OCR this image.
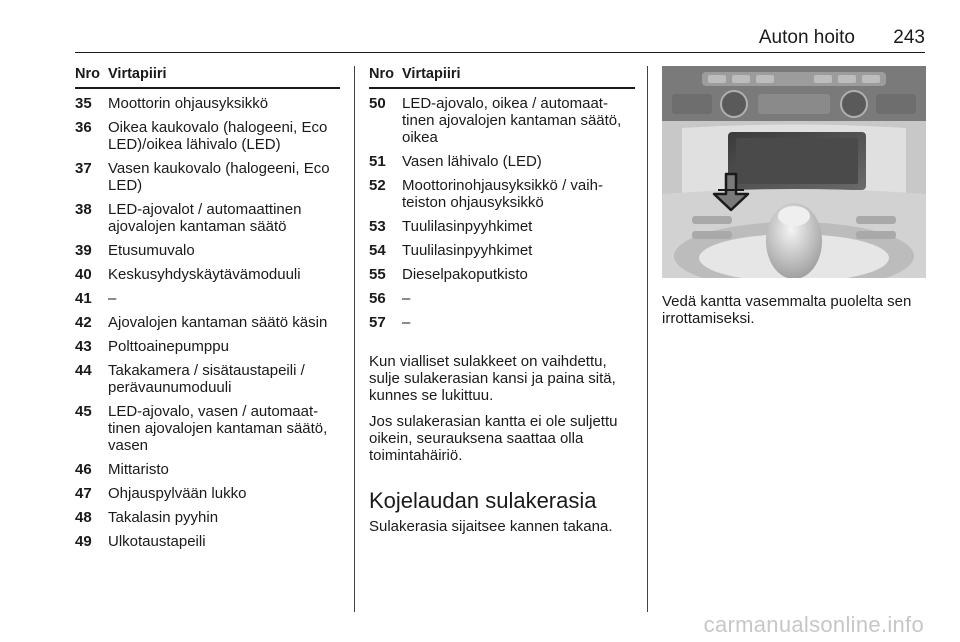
Auton hoito 243
Nro Virtapiiri
35	Moottorin ohjausyksikkö
36	Oikea kaukovalo (halogeeni, Eco LED)/oikea lähivalo (LED)
37	Vasen kaukovalo (halogeeni, Eco LED)
38	LED-ajovalot / automaattinen ajovalojen kantaman säätö
39	Etusumuvalo
40	Keskusyhdyskäytävämoduuli
41	–
42	Ajovalojen kantaman säätö käsin
43	Polttoainepumppu
44	Takakamera / sisätaustapeili / perävaunumoduuli
45	LED-ajovalo, vasen / automaattinen ajovalojen kantaman säätö, vasen
46	Mittaristo
47	Ohjauspylvään lukko
48	Takalasin pyyhin
49	Ulkotaustapeili
Nro Virtapiiri
50	LED-ajovalo, oikea / automaattinen ajovalojen kantaman säätö, oikea
51	Vasen lähivalo (LED)
52	Moottorinohjausyksikkö / vaihteiston ohjausyksikkö
53	Tuulilasinpyyhkimet
54	Tuulilasinpyyhkimet
55	Dieselpakoputkisto
56	–
57	–

Kun vialliset sulakkeet on vaihdettu, sulje sulakerasian kansi ja paina sitä, kunnes se lukittuu.

Jos sulakerasian kantta ei ole suljettu oikein, seurauksena saattaa olla toimintahäiriö.

Kojelaudan sulakerasia

Sulakerasia sijaitsee kannen takana.

Vedä kantta vasemmalta puolelta sen irrottamiseksi.
carmanualsonline.info
